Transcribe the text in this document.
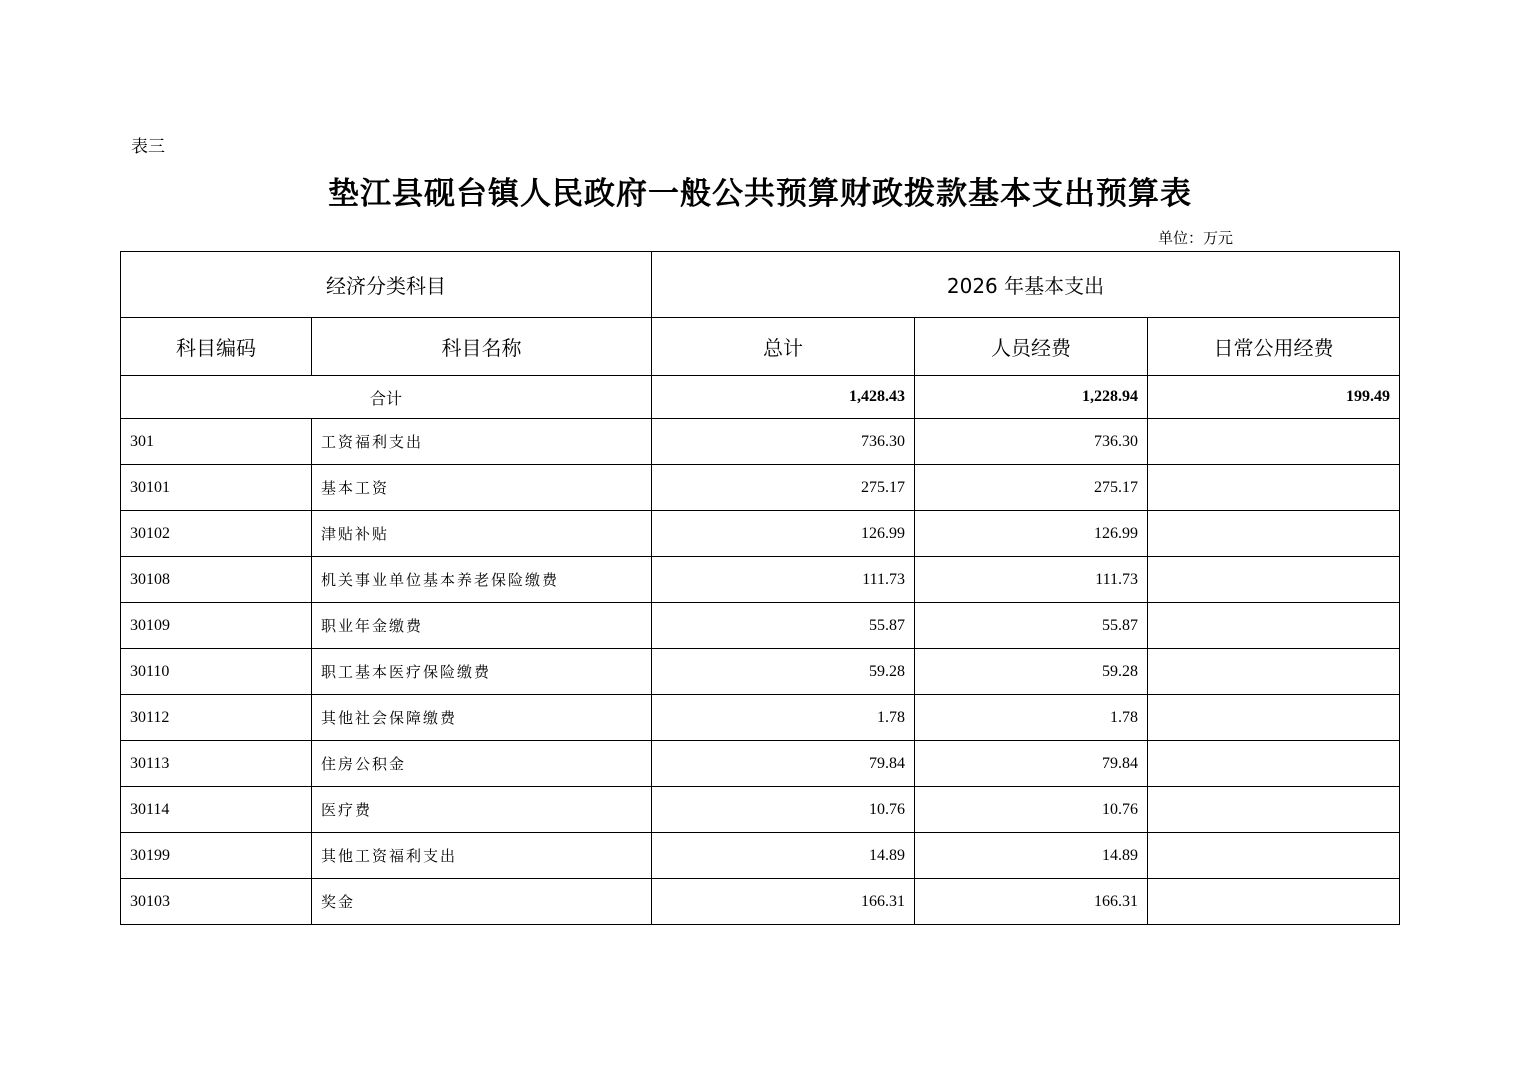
表三
垫江县砚台镇人民政府一般公共预算财政拨款基本支出预算表
单位：万元
经济分类科目		2026 年基本支出		
科目编码	科目名称	总计	人员经费	日常公用经费
合计		1,428.43	1,228.94	199.49
301	工资福利支出	736.30	736.30	
30101	基本工资	275.17	275.17	
30102	津贴补贴	126.99	126.99	
30108	机关事业单位基本养老保险缴费	111.73	111.73	
30109	职业年金缴费	55.87	55.87	
30110	职工基本医疗保险缴费	59.28	59.28	
30112	其他社会保障缴费	1.78	1.78	
30113	住房公积金	79.84	79.84	
30114	医疗费	10.76	10.76	
30199	其他工资福利支出	14.89	14.89	
30103	奖金	166.31	166.31	
